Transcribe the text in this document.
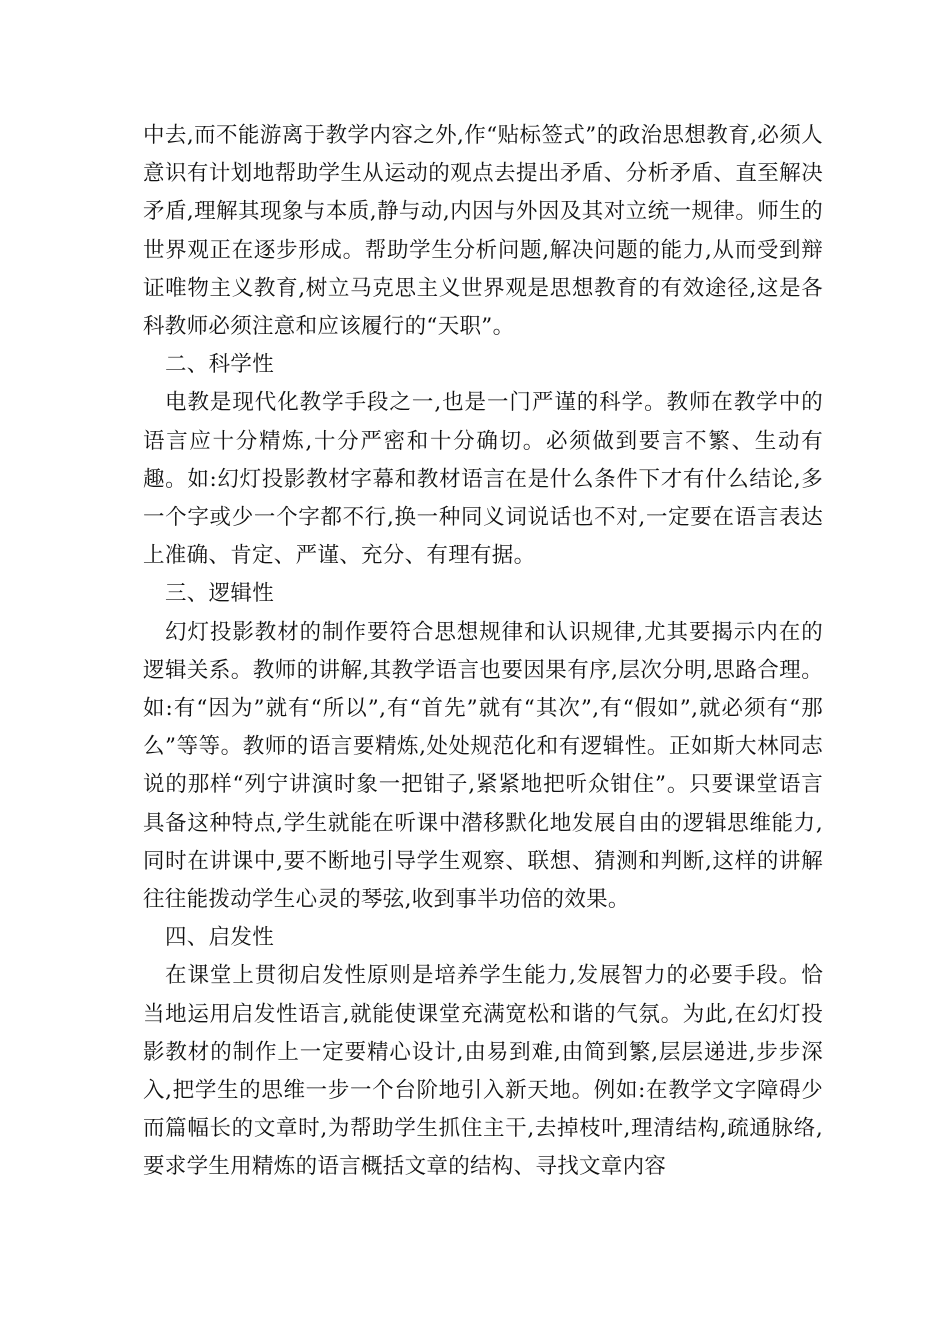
中去,而不能游离于教学内容之外,作“贴标签式”的政治思想教育,必须人意识有计划地帮助学生从运动的观点去提出矛盾、分析矛盾、直至解决矛盾,理解其现象与本质,静与动,内因与外因及其对立统一规律。师生的世界观正在逐步形成。帮助学生分析问题,解决问题的能力,从而受到辩证唯物主义教育,树立马克思主义世界观是思想教育的有效途径,这是各科教师必须注意和应该履行的“天职”。

二、科学性

电教是现代化教学手段之一,也是一门严谨的科学。教师在教学中的语言应十分精炼,十分严密和十分确切。必须做到要言不繁、生动有趣。如:幻灯投影教材字幕和教材语言在是什么条件下才有什么结论,多一个字或少一个字都不行,换一种同义词说话也不对,一定要在语言表达上准确、肯定、严谨、充分、有理有据。

三、逻辑性

幻灯投影教材的制作要符合思想规律和认识规律,尤其要揭示内在的逻辑关系。教师的讲解,其教学语言也要因果有序,层次分明,思路合理。如:有“因为”就有“所以”,有“首先”就有“其次”,有“假如”,就必须有“那么”等等。教师的语言要精炼,处处规范化和有逻辑性。正如斯大林同志说的那样“列宁讲演时象一把钳子,紧紧地把听众钳住”。只要课堂语言具备这种特点,学生就能在听课中潜移默化地发展自由的逻辑思维能力,同时在讲课中,要不断地引导学生观察、联想、猜测和判断,这样的讲解往往能拨动学生心灵的琴弦,收到事半功倍的效果。

四、启发性

在课堂上贯彻启发性原则是培养学生能力,发展智力的必要手段。恰当地运用启发性语言,就能使课堂充满宽松和谐的气氛。为此,在幻灯投影教材的制作上一定要精心设计,由易到难,由简到繁,层层递进,步步深入,把学生的思维一步一个台阶地引入新天地。例如:在教学文字障碍少而篇幅长的文章时,为帮助学生抓住主干,去掉枝叶,理清结构,疏通脉络,要求学生用精炼的语言概括文章的结构、寻找文章内容
